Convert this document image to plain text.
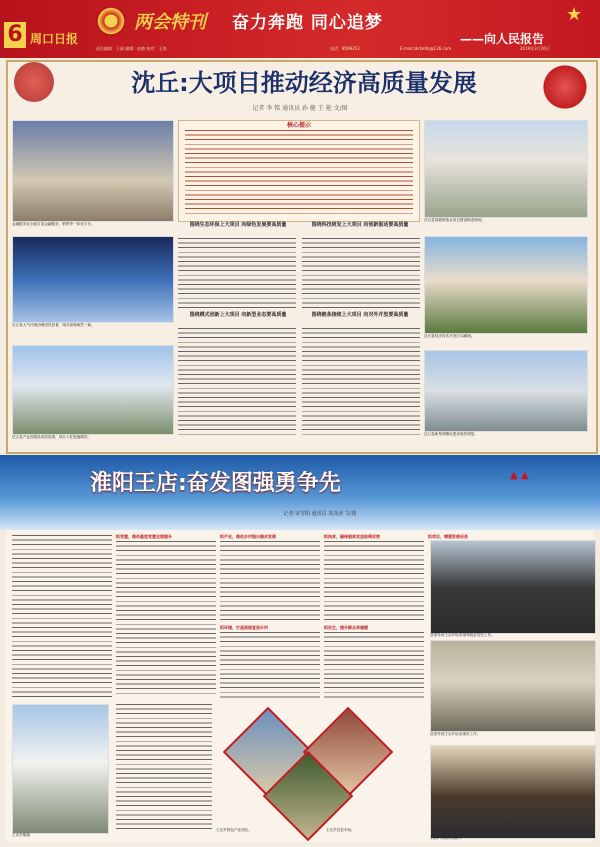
6 周口日报
两会特刊 奋力奔跑 同心追梦
——向人民报告
★
责任编辑：王丽 编辑：赵敏 校对：王涛	电话：8599353	E-mail:zkrbshb@126.com	2019年3月26日
沈丘:大项目推动经济高质量发展
记者 李 铭 通讯员 孙 健 王 艳 文/图
金融服务业全面打造金融服务、销售等一体化平台。
沈丘县大气环境治理成效显著，城市面貌焕然一新。
沈丘县产业园建设成效显著，项目入驻提速增效。
核心提示
围绕生态环保上大项目 向绿色发展要高质量	围绕科技研发上大项目 向创新驱动要高质量
围绕模式创新上大项目 向新型业态要高质量	围绕链条接续上大项目 向对外开放要高质量
沈丘县高端制造业项目建设推进现场。
沈丘县经济技术开发区鸟瞰图。
沈丘县新型城镇化建设成效明显。
淮阳王店:奋发图强勇争先	▲ ▲
记者 宋雪阳 通讯员 刘龙涛 文/图
抓党建，推动基层党建全面提升	抓产业，推动乡村振兴稳步发展
抓环境，打造美丽宜居乡村
抓扶贫，确保脱贫攻坚取得实效
抓民生，提升群众幸福感
抓项目，增强发展后劲
县领导到王店乡检查指导脱贫攻坚工作。
县领导到王店乡检查指导工作。
王店乡干部走访贫困户。
王店乡镇貌
王店乡特色产业园区。	王店乡扶贫车间。
